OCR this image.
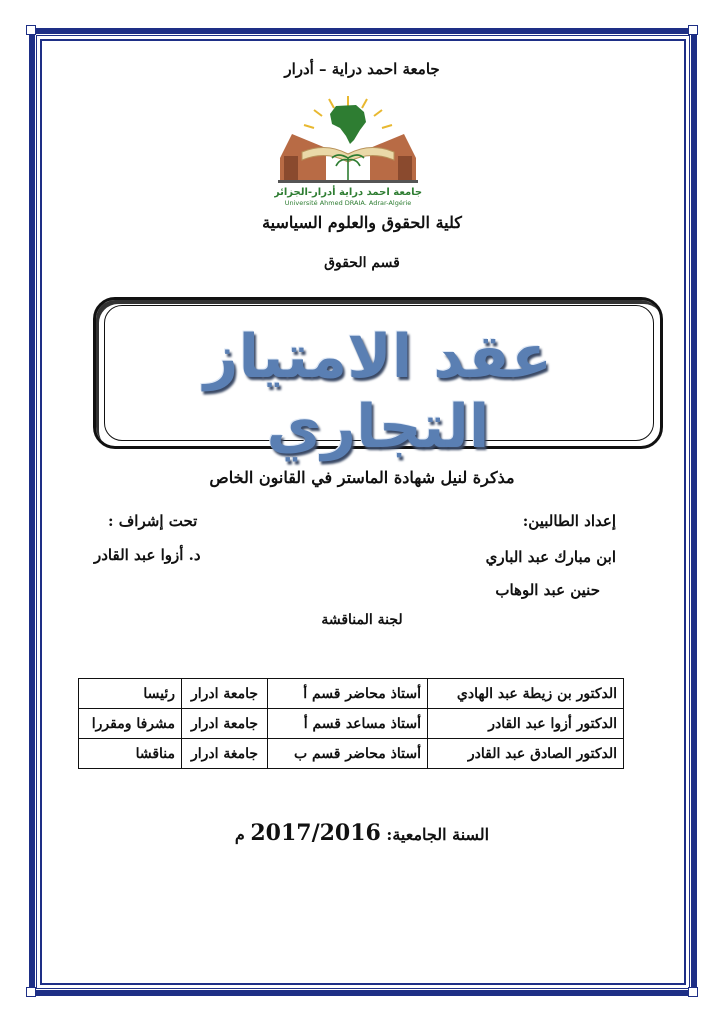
جامعة احمد دراية – أدرار
جامعة احمد دراية أدرار-الجزائر
Université Ahmed DRAIA. Adrar-Algérie
كلية الحقوق والعلوم السياسية
قسم الحقوق
عقد الامتياز التجاري
مذكرة لنيل شهادة الماستر في القانون الخاص
إعداد الطالبين:
تحت إشراف :
ابن مبارك عبد الباري
د. أزوا عبد القادر
حنين عبد الوهاب
لجنة المناقشة
الدكتور بن زيطة عبد الهادي	أستاذ محاضر قسم أ	جامعة ادرار	رئيسا
الدكتور أزوا عبد القادر	أستاذ مساعد قسم أ	جامعة ادرار	مشرفا ومقررا
الدكتور الصادق عبد القادر	أستاذ محاضر قسم ب	جامغة ادرار	مناقشا
السنة الجامعية: 2017/2016 م
